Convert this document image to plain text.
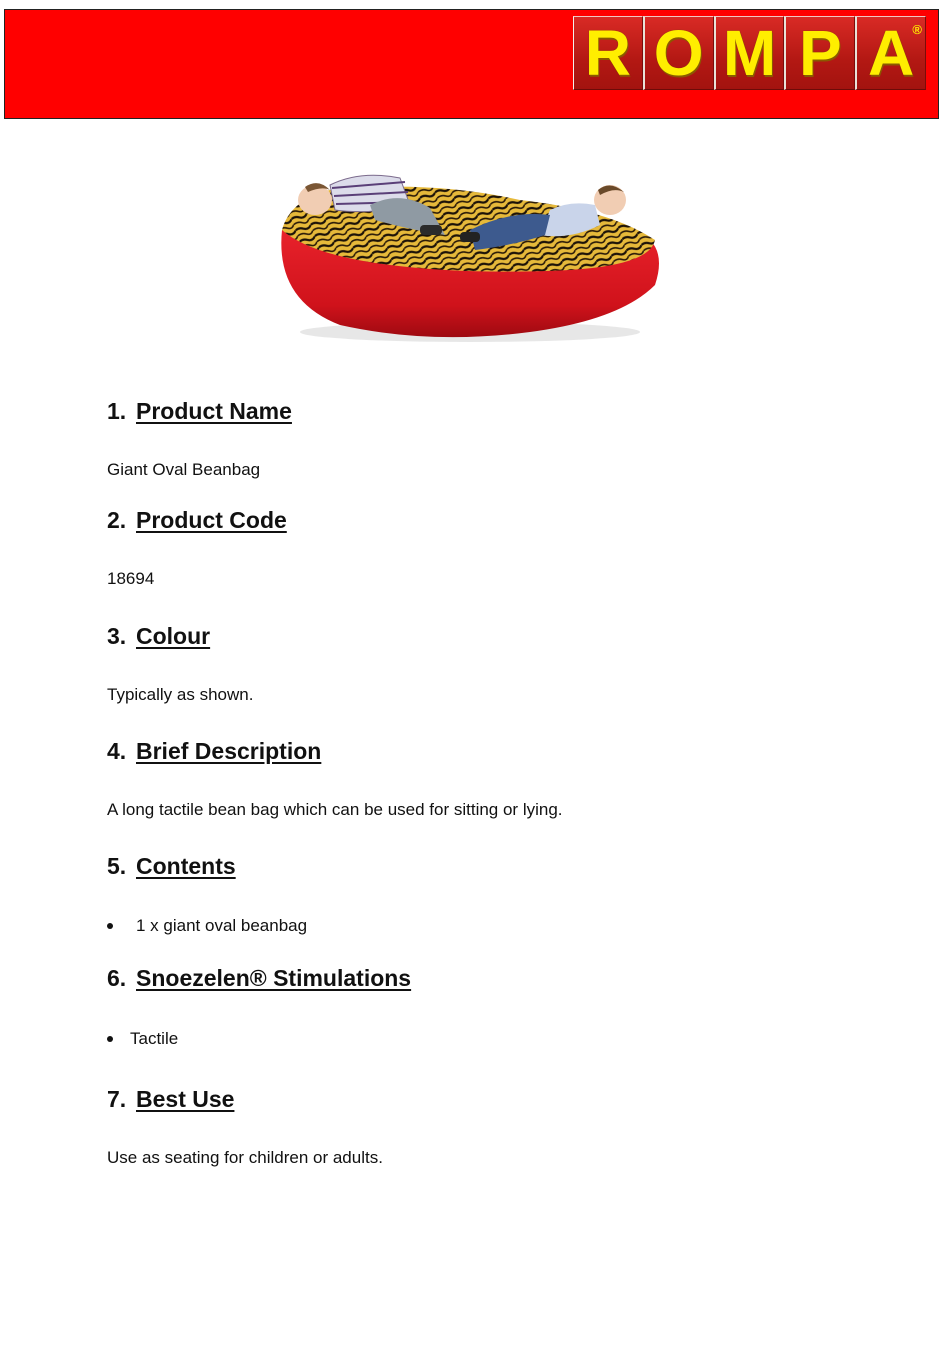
R O M P A
®
1. Product Name

Giant Oval Beanbag

2. Product Code

18694

3. Colour

Typically as shown.

4. Brief Description

A long tactile bean bag which can be used for sitting or lying.

5. Contents
1 x giant oval beanbag
6. Snoezelen® Stimulations
Tactile
7. Best Use

Use as seating for children or adults.
